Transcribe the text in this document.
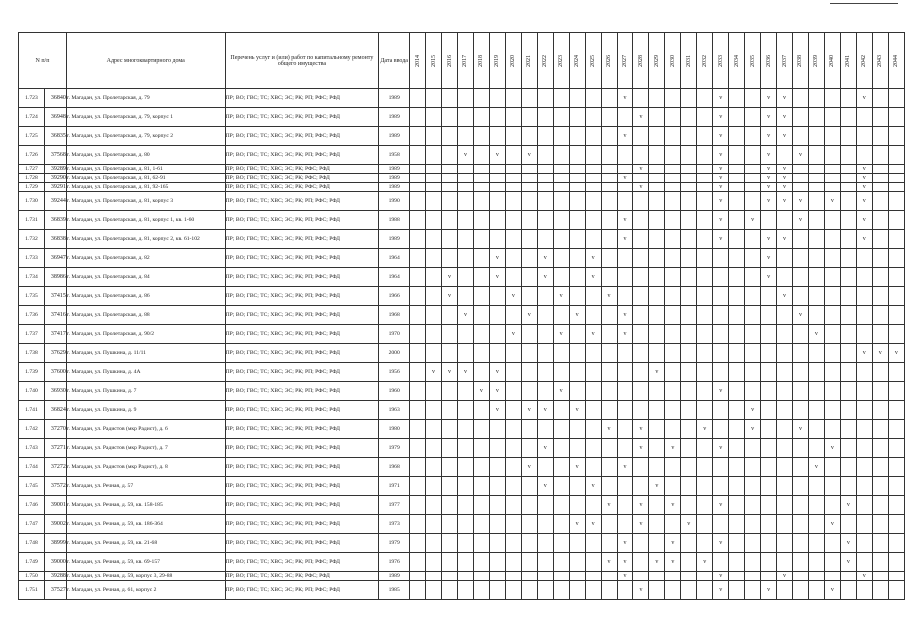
N п/п		Адрес многоквартирного дома	Перечень услуг и (или) работ по капитальному ремонту общего имущества	Дата ввода	2014	2015	2016	2017	2018	2019	2020	2021	2022	2023	2024	2025	2026	2027	2028	2029	2030	2031	2032	2033	2034	2035	2036	2037	2038	2039	2040	2041	2042	2043	2044

1.723	36840	г. Магадан, ул. Пролетарская, д. 79	ПР; ВО; ГВС; ТС; ХВС; ЭС; РК; РП; РФС; РФД	1989														v						v			v	v					v		
1.724	36948	г. Магадан, ул. Пролетарская, д. 79, корпус 1	ПР; ВО; ГВС; ТС; ХВС; ЭС; РК; РП; РФС; РФД	1989															v					v			v	v							
1.725	36835	г. Магадан, ул. Пролетарская, д. 79, корпус 2	ПР; ВО; ГВС; ТС; ХВС; ЭС; РК; РП; РФС; РФД	1989														v						v			v	v							
1.726	37568	г. Магадан, ул. Пролетарская, д. 80	ПР; ВО; ГВС; ТС; ХВС; ЭС; РК; РП; РФС; РФД	1958				v		v		v												v			v		v						
1.727	39289	г. Магадан, ул. Пролетарская, д. 81, 1-61	ПР; ВО; ГВС; ТС; ХВС; ЭС; РК; РФС; РФД	1989															v					v			v	v					v		
1.728	39290	г. Магадан, ул. Пролетарская, д. 81, 62-91	ПР; ВО; ГВС; ТС; ХВС; ЭС; РК; РФС; РФД	1989														v						v			v	v					v		
1.729	39291	г. Магадан, ул. Пролетарская, д. 81, 92-165	ПР; ВО; ГВС; ТС; ХВС; ЭС; РК; РФС; РФД	1989															v					v			v	v					v		
1.730	39244	г. Магадан, ул. Пролетарская, д. 81, корпус 3	ПР; ВО; ГВС; ТС; ХВС; ЭС; РК; РП; РФС; РФД	1990																				v			v	v	v		v		v		
1.731	36839	г. Магадан, ул. Пролетарская, д. 81, корпус 1, кв. 1-60	ПР; ВО; ГВС; ТС; ХВС; ЭС; РК; РП; РФС; РФД	1988														v						v		v			v				v		
1.732	36838	г. Магадан, ул. Пролетарская, д. 81, корпус 2, кв. 61-102	ПР; ВО; ГВС; ТС; ХВС; ЭС; РК; РП; РФС; РФД	1989														v						v			v	v					v		
1.733	36947	г. Магадан, ул. Пролетарская, д. 82	ПР; ВО; ГВС; ТС; ХВС; ЭС; РК; РП; РФС; РФД	1964						v			v			v											v								
1.734	38986	г. Магадан, ул. Пролетарская, д. 84	ПР; ВО; ГВС; ТС; ХВС; ЭС; РК; РП; РФС; РФД	1964			v			v			v			v											v								
1.735	37415	г. Магадан, ул. Пролетарская, д. 86	ПР; ВО; ГВС; ТС; ХВС; ЭС; РК; РП; РФС; РФД	1966			v				v			v			v											v							
1.736	37416	г. Магадан, ул. Пролетарская, д. 88	ПР; ВО; ГВС; ТС; ХВС; ЭС; РК; РП; РФС; РФД	1968				v				v			v			v											v						
1.737	37417	г. Магадан, ул. Пролетарская, д. 90/2	ПР; ВО; ГВС; ТС; ХВС; ЭС; РК; РП; РФС; РФД	1970							v			v		v		v												v					
1.738	37629	г. Магадан, ул. Пушкина, д. 11/11	ПР; ВО; ГВС; ТС; ХВС; ЭС; РК; РП; РФС; РФД	2000																													v	v	v
1.739	37600	г. Магадан, ул. Пушкина, д. 4А	ПР; ВО; ГВС; ТС; ХВС; ЭС; РК; РП; РФС; РФД	1956		v	v	v		v										v															
1.740	36930	г. Магадан, ул. Пушкина, д. 7	ПР; ВО; ГВС; ТС; ХВС; ЭС; РК; РП; РФС; РФД	1960					v	v				v										v											
1.741	36824	г. Магадан, ул. Пушкина, д. 9	ПР; ВО; ГВС; ТС; ХВС; ЭС; РК; РП; РФС; РФД	1963						v		v	v		v											v									
1.742	37270	г. Магадан, ул. Радистов (мкр Радист), д. 6	ПР; ВО; ГВС; ТС; ХВС; ЭС; РК; РП; РФС; РФД	1980													v		v				v			v			v						
1.743	37271	г. Магадан, ул. Радистов (мкр Радист), д. 7	ПР; ВО; ГВС; ТС; ХВС; ЭС; РК; РП; РФС; РФД	1979									v						v		v			v							v				
1.744	37272	г. Магадан, ул. Радистов (мкр Радист), д. 8	ПР; ВО; ГВС; ТС; ХВС; ЭС; РК; РП; РФС; РФД	1968								v			v			v												v					
1.745	37572	г. Магадан, ул. Речная, д. 57	ПР; ВО; ГВС; ТС; ХВС; ЭС; РК; РП; РФС; РФД	1971									v			v				v															
1.746	39001	г. Магадан, ул. Речная, д. 59, кв. 158-185	ПР; ВО; ГВС; ТС; ХВС; ЭС; РК; РП; РФС; РФД	1977													v		v		v			v								v			
1.747	39002	г. Магадан, ул. Речная, д. 59, кв. 186-364	ПР; ВО; ГВС; ТС; ХВС; ЭС; РК; РП; РФС; РФД	1973											v	v			v			v									v				
1.748	38999	г. Магадан, ул. Речная, д. 59, кв. 21-68	ПР; ВО; ГВС; ТС; ХВС; ЭС; РК; РП; РФС; РФД	1979														v			v			v								v			
1.749	39000	г. Магадан, ул. Речная, д. 59, кв. 69-157	ПР; ВО; ГВС; ТС; ХВС; ЭС; РК; РП; РФС; РФД	1976													v	v		v	v		v									v			
1.750	39288	г. Магадан, ул. Речная, д. 59, корпус 3, 29-88	ПР; ВО; ГВС; ТС; ХВС; ЭС; РК; РФС; РФД	1989														v						v				v					v		
1.751	37527	г. Магадан, ул. Речная, д. 61, корпус 2	ПР; ВО; ГВС; ТС; ХВС; ЭС; РК; РП; РФС; РФД	1985															v					v			v				v				
